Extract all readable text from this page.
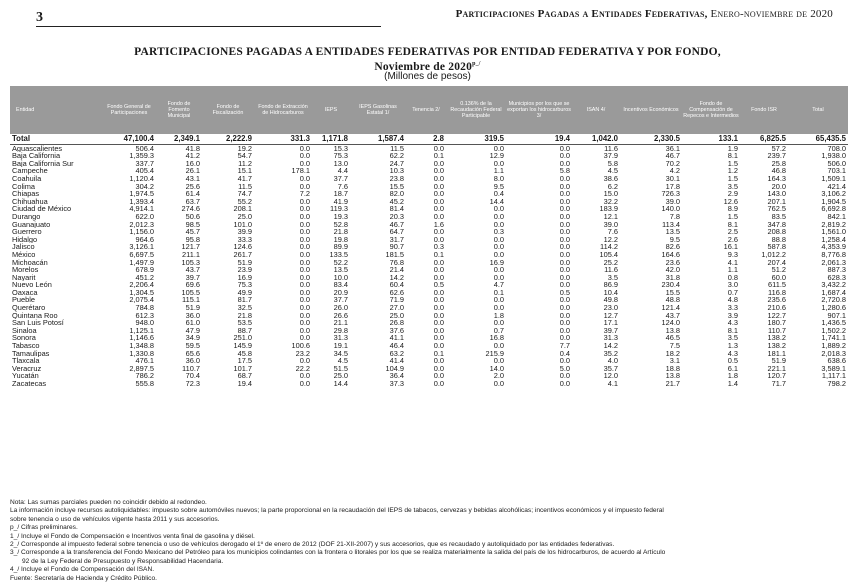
3	Participaciones Pagadas a Entidades Federativas, Enero-noviembre de 2020
PARTICIPACIONES PAGADAS A ENTIDADES FEDERATIVAS POR ENTIDAD FEDERATIVA Y POR FONDO,
Noviembre de $2020^{p\_/}$
(Millones de pesos)
Entidad	Fondo General de Participaciones	Fondo de Fomento Municipal	Fondo de Fiscalización	Fondo de Extracción de Hidrocarburos	IEPS	IEPS Gasolinas Estatal 1/	Tenencia 2/	0.136% de la Recaudación Federal Participable	Municipios por los que se exportan los hidrocarburos 3/	ISAN 4/	Incentivos Económicos	Fondo de Compensación de Repecos e Intermedios	Fondo ISR	Total
Total	47,100.4	2,349.1	2,222.9	331.3	1,171.8	1,587.4	2.8	319.5	19.4	1,042.0	2,330.5	133.1	6,825.5	65,435.5
Aguascalientes	506.4	41.8	19.2	0.0	15.3	11.5	0.0	0.0	0.0	11.6	36.1	1.9	57.2	708.0
Baja California	1,359.3	41.2	54.7	0.0	75.3	62.2	0.1	12.9	0.0	37.9	46.7	8.1	239.7	1,938.0
Baja California Sur	337.7	16.0	11.2	0.0	13.0	24.7	0.0	0.0	0.0	5.8	70.2	1.5	25.8	506.0
Campeche	405.4	26.1	15.1	178.1	4.4	10.3	0.0	1.1	5.8	4.5	4.2	1.2	46.8	703.1
Coahuila	1,120.4	43.1	41.7	0.0	37.7	23.8	0.0	8.0	0.0	38.6	30.1	1.5	164.3	1,509.1
Colima	304.2	25.6	11.5	0.0	7.6	15.5	0.0	9.5	0.0	6.2	17.8	3.5	20.0	421.4
Chiapas	1,974.5	61.4	74.7	7.2	18.7	82.0	0.0	0.4	0.0	15.0	726.3	2.9	143.0	3,106.2
Chihuahua	1,393.4	63.7	55.2	0.0	41.9	45.2	0.0	14.4	0.0	32.2	39.0	12.6	207.1	1,904.5
Ciudad de México	4,914.1	274.6	208.1	0.0	119.3	81.4	0.0	0.0	0.0	183.9	140.0	8.9	762.5	6,692.8
Durango	622.0	50.6	25.0	0.0	19.3	20.3	0.0	0.0	0.0	12.1	7.8	1.5	83.5	842.1
Guanajuato	2,012.3	98.5	101.0	0.0	52.8	46.7	1.6	0.0	0.0	39.0	113.4	8.1	347.8	2,819.2
Guerrero	1,156.0	45.7	39.9	0.0	21.8	64.7	0.0	0.3	0.0	7.6	13.5	2.5	208.8	1,561.0
Hidalgo	964.6	95.8	33.3	0.0	19.8	31.7	0.0	0.0	0.0	12.2	9.5	2.6	88.8	1,258.4
Jalisco	3,126.1	121.7	124.6	0.0	89.9	90.7	0.3	0.0	0.0	114.2	82.6	16.1	587.8	4,353.9
México	6,697.5	211.1	261.7	0.0	133.5	181.5	0.1	0.0	0.0	105.4	164.6	9.3	1,012.2	8,776.8
Michoacán	1,497.9	105.3	51.9	0.0	52.2	76.8	0.0	16.9	0.0	25.2	23.6	4.1	207.4	2,061.3
Morelos	678.9	43.7	23.9	0.0	13.5	21.4	0.0	0.0	0.0	11.6	42.0	1.1	51.2	887.3
Nayarit	451.2	39.7	16.9	0.0	10.0	14.2	0.0	0.0	0.0	3.5	31.8	0.8	60.0	628.3
Nuevo León	2,206.4	69.6	75.3	0.0	83.4	60.4	0.5	4.7	0.0	86.9	230.4	3.0	611.5	3,432.2
Oaxaca	1,304.5	105.5	49.9	0.0	20.9	62.6	0.0	0.1	0.5	10.4	15.5	0.7	116.8	1,687.4
Pueble	2,075.4	115.1	81.7	0.0	37.7	71.9	0.0	0.0	0.0	49.8	48.8	4.8	235.6	2,720.8
Querétaro	784.8	51.9	32.5	0.0	26.0	27.0	0.0	0.0	0.0	23.0	121.4	3.3	210.6	1,280.6
Quintana Roo	612.3	36.0	21.8	0.0	26.6	25.0	0.0	1.8	0.0	12.7	43.7	3.9	122.7	907.1
San Luis Potosí	948.0	61.0	53.5	0.0	21.1	26.8	0.0	0.0	0.0	17.1	124.0	4.3	180.7	1,436.5
Sinaloa	1,125.1	47.9	88.7	0.0	29.8	37.6	0.0	0.7	0.0	39.7	13.8	8.1	110.7	1,502.2
Sonora	1,146.6	34.9	251.0	0.0	31.3	41.1	0.0	16.8	0.0	31.3	46.5	3.5	138.2	1,741.1
Tabasco	1,348.8	59.5	145.9	100.6	19.1	46.4	0.0	0.0	7.7	14.2	7.5	1.3	138.2	1,889.2
Tamaulipas	1,330.8	65.6	45.8	23.2	34.5	63.2	0.1	215.9	0.4	35.2	18.2	4.3	181.1	2,018.3
Tlaxcala	476.1	36.0	17.5	0.0	4.5	41.4	0.0	0.0	0.0	4.0	3.1	0.5	51.9	638.6
Veracruz	2,897.5	110.7	101.7	22.2	51.5	104.9	0.0	14.0	5.0	35.7	18.8	6.1	221.1	3,589.1
Yucatán	786.2	70.4	68.7	0.0	25.0	36.4	0.0	2.0	0.0	12.0	13.8	1.8	120.7	1,117.1
Zacatecas	555.8	72.3	19.4	0.0	14.4	37.3	0.0	0.0	0.0	4.1	21.7	1.4	71.7	798.2
Nota: Las sumas parciales pueden no coincidir debido al redondeo.
La información incluye recursos autoliquidables: impuesto sobre automóviles nuevos; la parte proporcional en la recaudación del IEPS de tabacos, cervezas y bebidas alcohólicas; incentivos económicos y el impuesto federal
sobre tenencia o uso de vehículos vigente hasta 2011 y sus accesorios.
p_/ Cifras preliminares.
1_/ Incluye el Fondo de Compensación e Incentivos venta final de gasolina y diésel.
2_/ Corresponde al impuesto federal sobre tenencia o uso de vehículos derogado el 1º de enero de 2012 (DOF 21-XII-2007) y sus accesorios, que es recaudado y autoliquidado por las entidades federativas.
3_/ Corresponde a la transferencia del Fondo Mexicano del Petróleo para los municipios colindantes con la frontera o litorales por los que se realiza materialmente la salida del país de los hidrocarburos, de acuerdo al Artículo
92 de la Ley Federal de Presupuesto y Responsabilidad Hacendaria.
4_/ Incluye el Fondo de Compensación del ISAN.
Fuente: Secretaría de Hacienda y Crédito Público.
